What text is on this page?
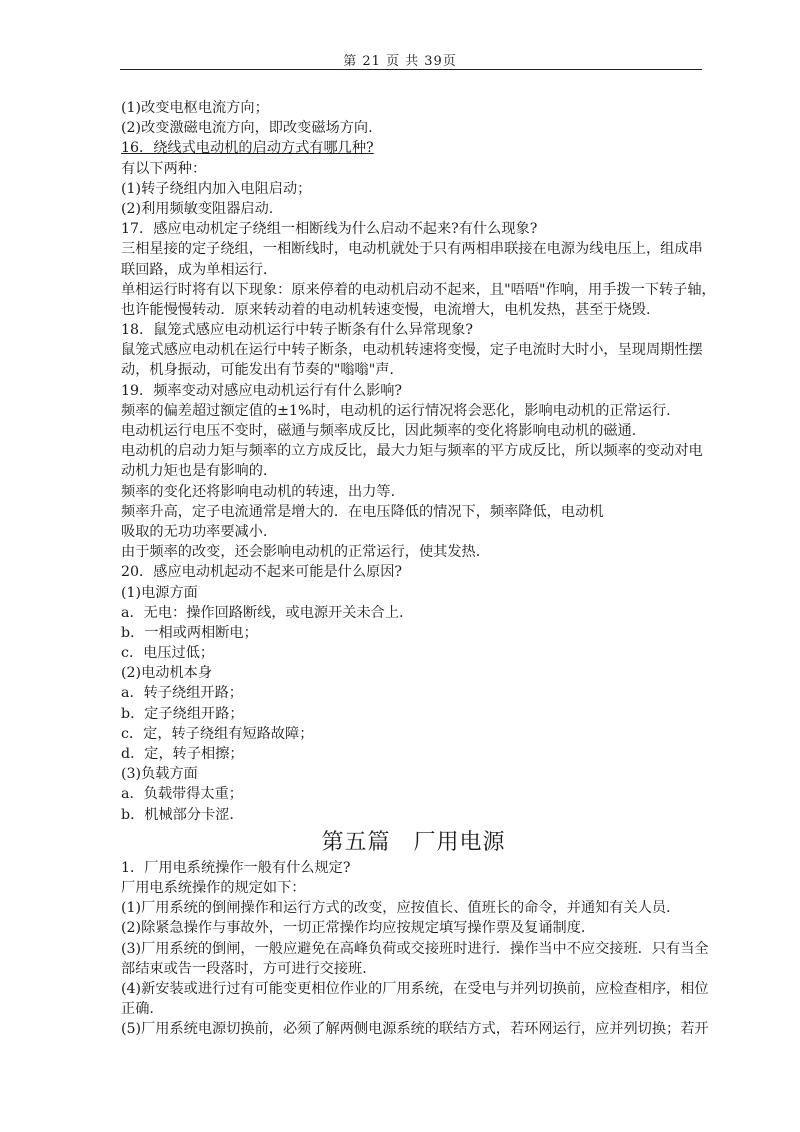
第 21 页 共 39页
(1)改变电枢电流方向；
(2)改变激磁电流方向，即改变磁场方向.
16．绕线式电动机的启动方式有哪几种?
有以下两种：
(1)转子绕组内加入电阻启动；
(2)利用频敏变阻器启动.
17．感应电动机定子绕组一相断线为什么启动不起来?有什么现象?
三相星接的定子绕组，一相断线时，电动机就处于只有两相串联接在电源为线电压上，组成串
联回路，成为单相运行.
单相运行时将有以下现象：原来停着的电动机启动不起来，且"唔唔"作响，用手拨一下转子轴，
也许能慢慢转动．原来转动着的电动机转速变慢，电流增大，电机发热，甚至于烧毁.
18．鼠笼式感应电动机运行中转子断条有什么异常现象?
鼠笼式感应电动机在运行中转子断条，电动机转速将变慢，定子电流时大时小，呈现周期性摆
动，机身振动，可能发出有节奏的"嗡嗡"声.
19．频率变动对感应电动机运行有什么影响?
频率的偏差超过额定值的±1%时，电动机的运行情况将会恶化，影响电动机的正常运行.
电动机运行电压不变时，磁通与频率成反比，因此频率的变化将影响电动机的磁通.
电动机的启动力矩与频率的立方成反比，最大力矩与频率的平方成反比，所以频率的变动对电
动机力矩也是有影响的.
频率的变化还将影响电动机的转速，出力等.
频率升高，定子电流通常是增大的．在电压降低的情况下，频率降低，电动机
吸取的无功功率要减小.
由于频率的改变，还会影响电动机的正常运行，使其发热.
20．感应电动机起动不起来可能是什么原因?
(1)电源方面
a．无电：操作回路断线，或电源开关未合上.
b．一相或两相断电；
c．电压过低；
(2)电动机本身
a．转子绕组开路；
b．定子绕组开路；
c．定，转子绕组有短路故障；
d．定，转子相擦；
(3)负载方面
a．负载带得太重；
b．机械部分卡涩.
第五篇　厂用电源
1．厂用电系统操作一般有什么规定?
厂用电系统操作的规定如下：
(1)厂用系统的倒闸操作和运行方式的改变，应按值长、值班长的命令，并通知有关人员.
(2)除紧急操作与事故外，一切正常操作均应按规定填写操作票及复诵制度.
(3)厂用系统的倒闸，一般应避免在高峰负荷或交接班时进行．操作当中不应交接班．只有当全
部结束或告一段落时，方可进行交接班.
(4)新安装或进行过有可能变更相位作业的厂用系统，在受电与并列切换前，应检查相序，相位
正确.
(5)厂用系统电源切换前，必须了解两侧电源系统的联结方式，若环网运行，应并列切换；若开
